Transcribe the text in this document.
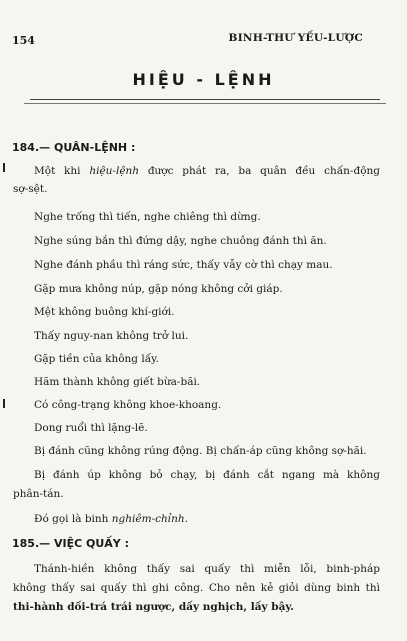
154	BINH-THƯ YẾU-LƯỢC
HIỆU - LỆNH
184.— QUÂN-LỆNH :
Một khi hiệu-lệnh được phát ra, ba quân đều chấn-động
sợ-sệt.
Nghe trống thì tiến, nghe chiêng thì dừng.
Nghe súng bắn thì đứng dậy, nghe chuông đánh thì ăn.
Nghe đánh phầu thì ráng sức, thấy vẫy cờ thì chạy mau.
Gặp mưa không núp, gặp nóng không cởi giáp.
Mệt không buông khí-giới.
Thấy nguy-nan không trở lui.
Gặp tiền của không lấy.
Hãm thành không giết bừa-bãi.
Có công-trạng không khoe-khoang.
Dong ruổi thì lặng-lẽ.
Bị đánh cũng không rúng động. Bị chấn-áp cũng không sợ-hãi.
Bị đánh úp không bỏ chạy, bị đánh cắt ngang mà không
phân-tán.
Đó gọi là binh nghiêm-chỉnh.
185.— VIỆC QUẤY :
Thánh-hiền không thấy sai quấy thì miễn lỗi, binh-pháp
không thấy sai quấy thì ghi công. Cho nên kẻ giỏi dùng binh thì
thi-hành dối-trá trái ngược, dấy nghịch, lấy bậy.
